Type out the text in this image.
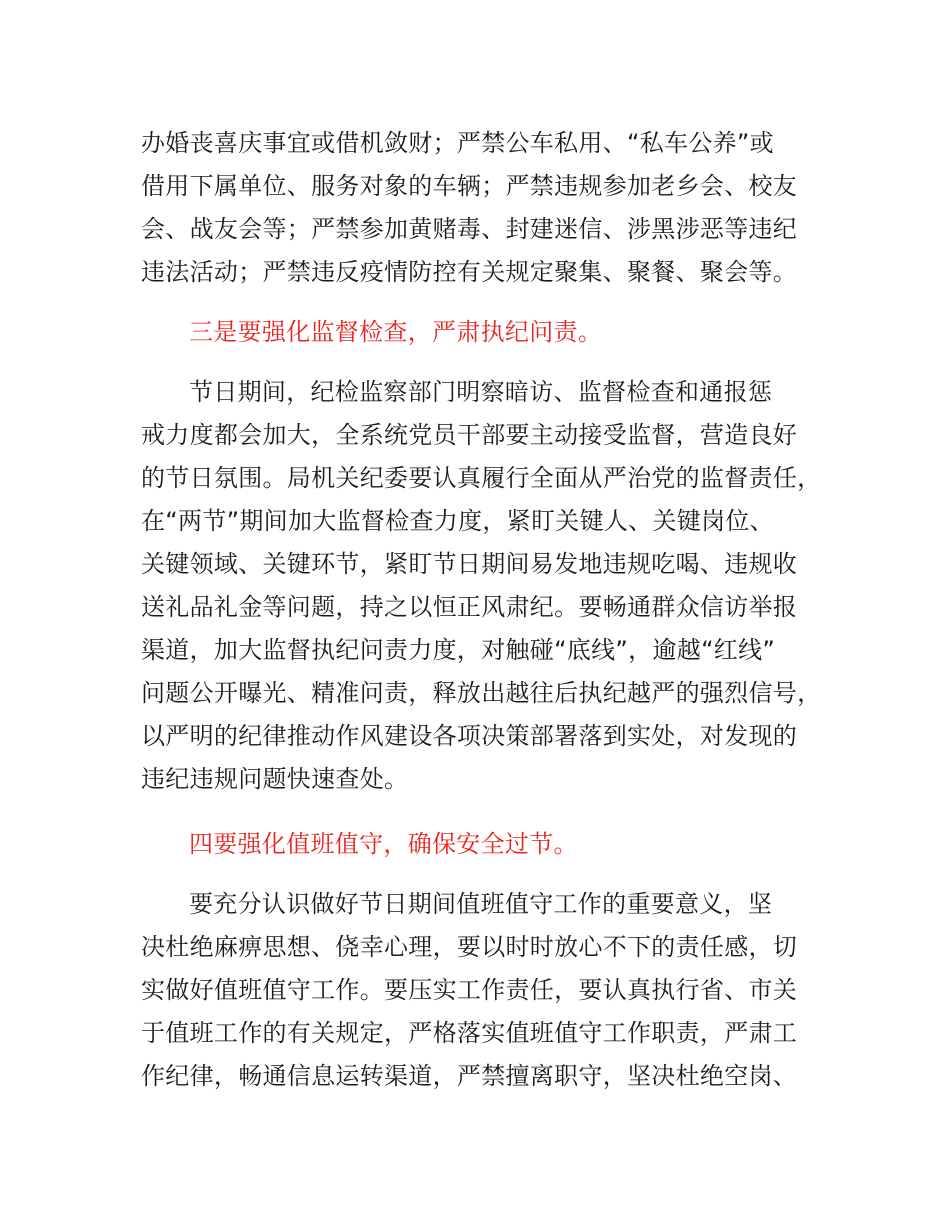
办婚丧喜庆事宜或借机敛财；严禁公车私用、“私车公养”或
借用下属单位、服务对象的车辆；严禁违规参加老乡会、校友
会、战友会等；严禁参加黄赌毒、封建迷信、涉黑涉恶等违纪
违法活动；严禁违反疫情防控有关规定聚集、聚餐、聚会等。
三是要强化监督检查，严肃执纪问责。
节日期间，纪检监察部门明察暗访、监督检查和通报惩
戒力度都会加大，全系统党员干部要主动接受监督，营造良好
的节日氛围。局机关纪委要认真履行全面从严治党的监督责任，
在“两节”期间加大监督检查力度，紧盯关键人、关键岗位、
关键领域、关键环节，紧盯节日期间易发地违规吃喝、违规收
送礼品礼金等问题，持之以恒正风肃纪。要畅通群众信访举报
渠道，加大监督执纪问责力度，对触碰“底线”，逾越“红线”
问题公开曝光、精准问责，释放出越往后执纪越严的强烈信号，
以严明的纪律推动作风建设各项决策部署落到实处，对发现的
违纪违规问题快速查处。
四要强化值班值守，确保安全过节。
要充分认识做好节日期间值班值守工作的重要意义，坚
决杜绝麻痹思想、侥幸心理，要以时时放心不下的责任感，切
实做好值班值守工作。要压实工作责任，要认真执行省、市关
于值班工作的有关规定，严格落实值班值守工作职责，严肃工
作纪律，畅通信息运转渠道，严禁擅离职守，坚决杜绝空岗、
